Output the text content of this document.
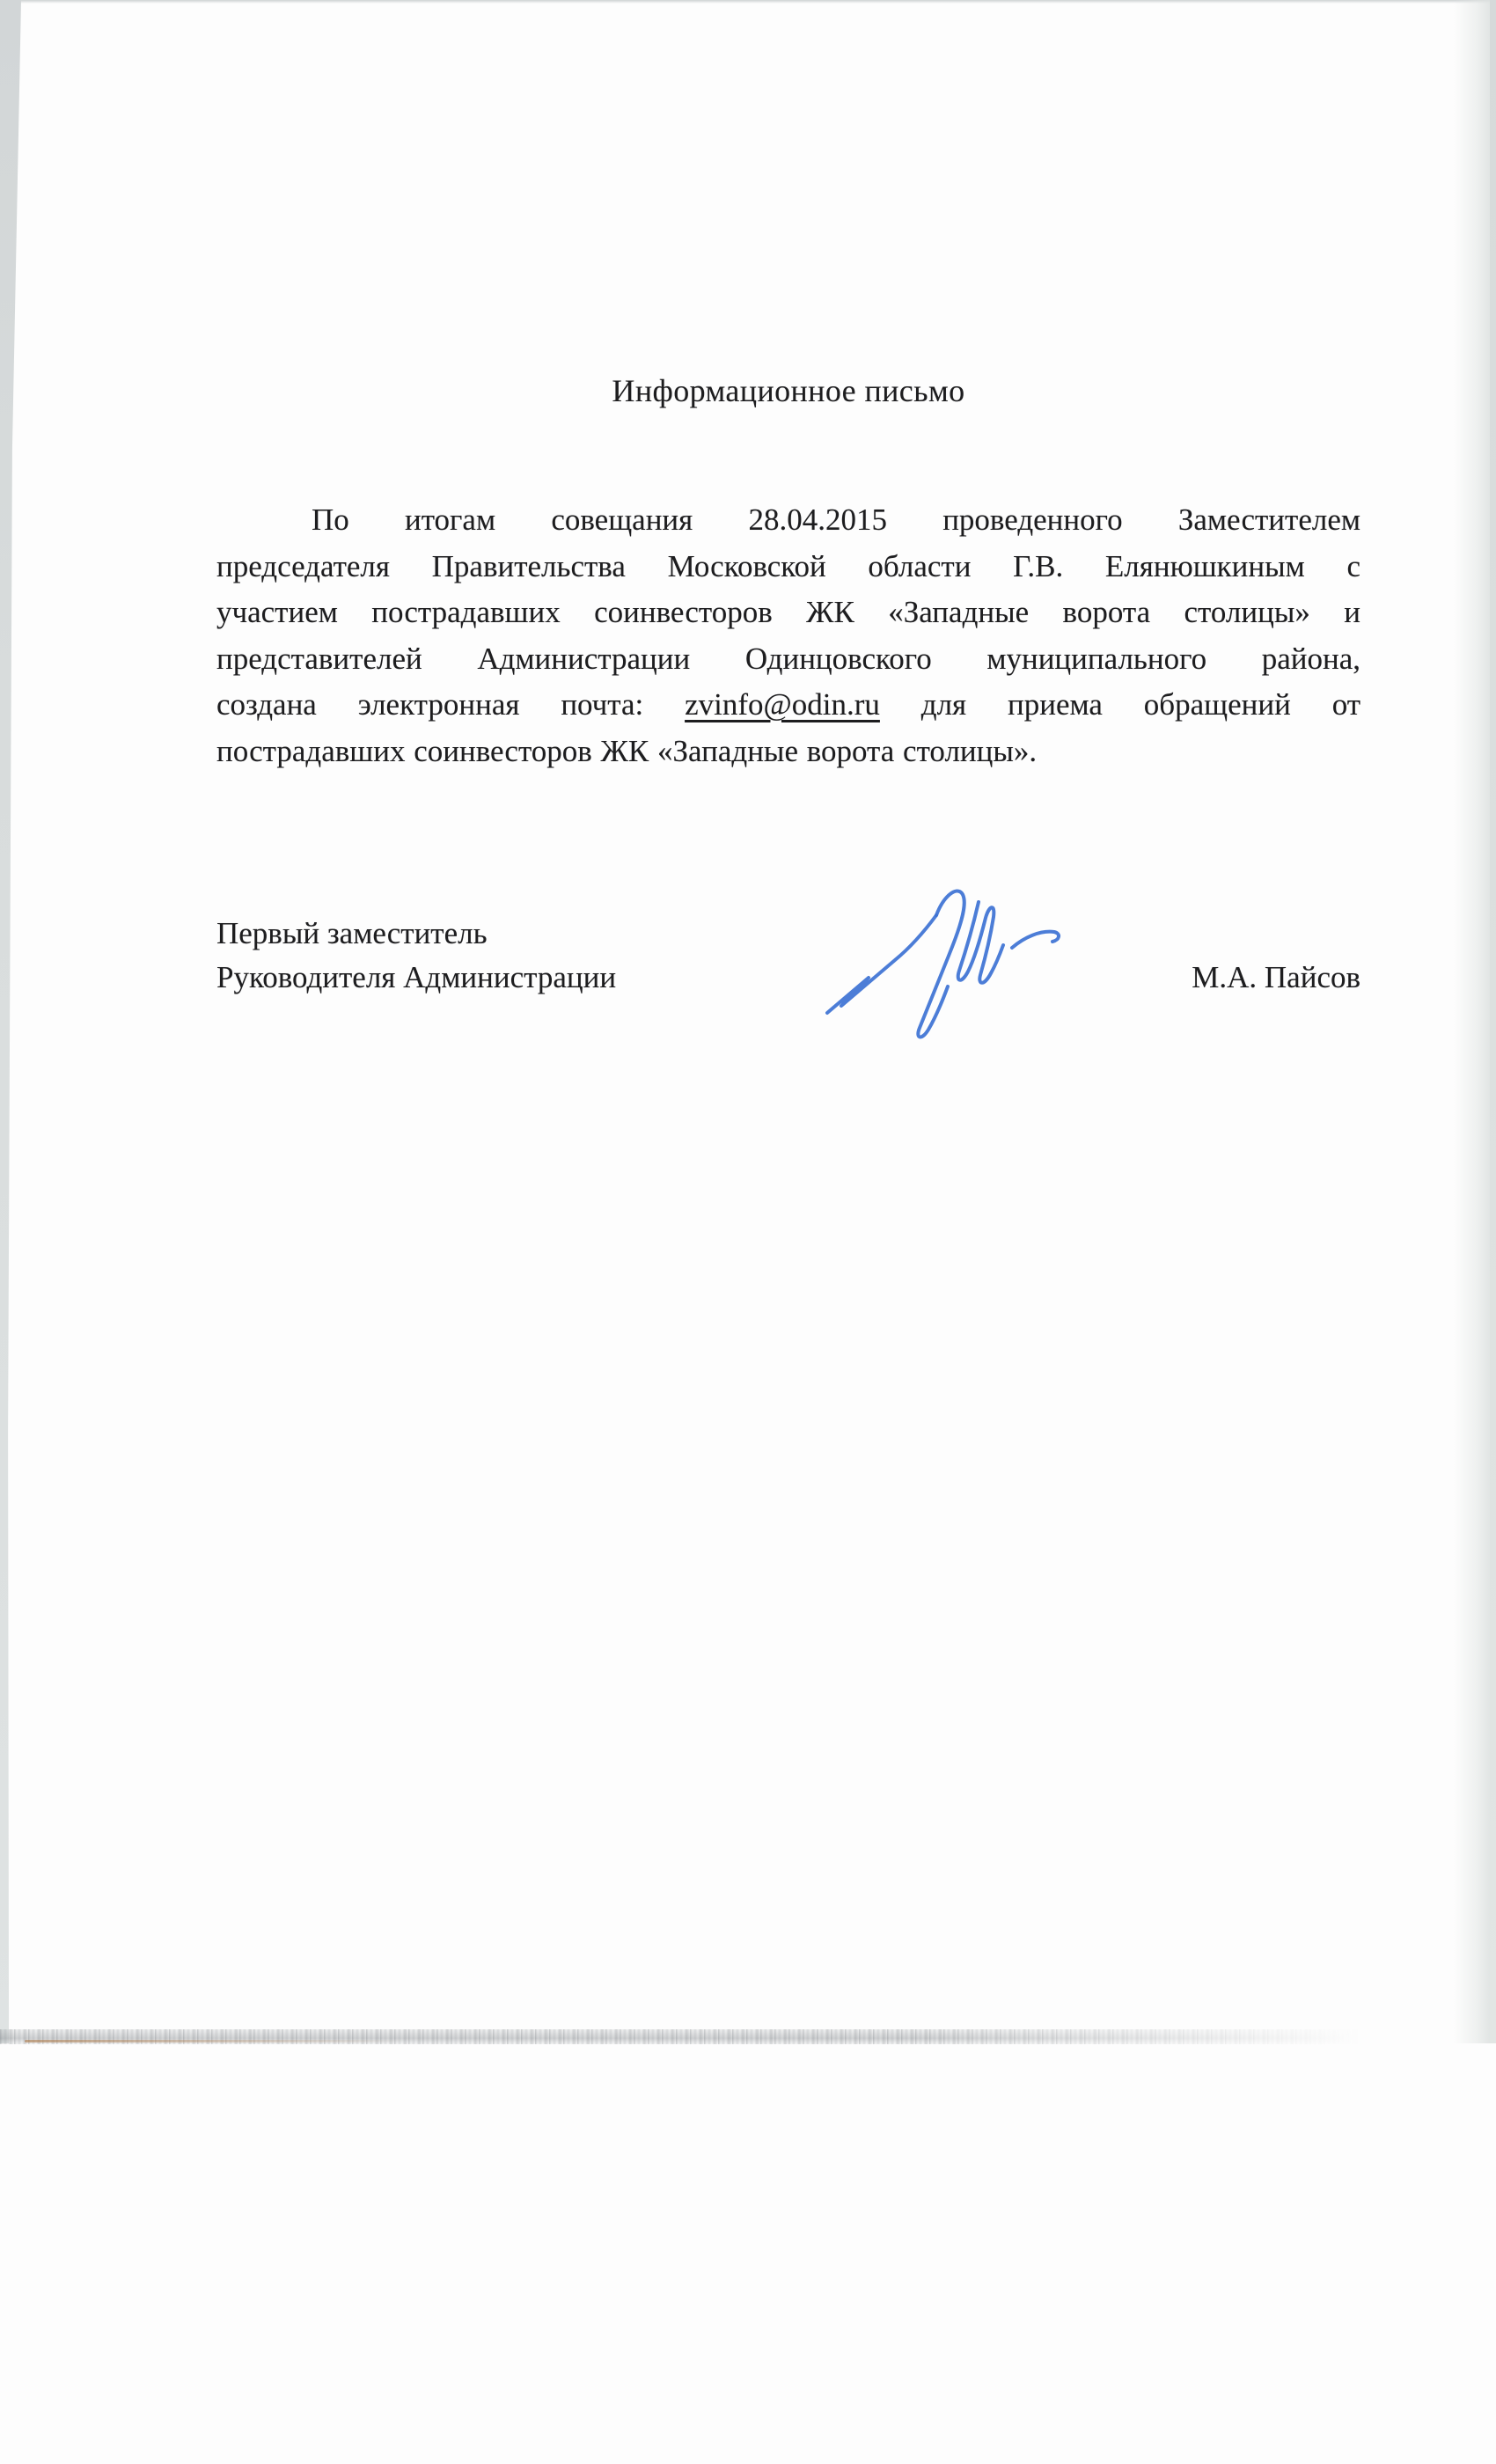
Информационное письмо
По итогам совещания 28.04.2015 проведенного Заместителем
председателя Правительства Московской области Г.В. Елянюшкиным с
участием пострадавших соинвесторов ЖК «Западные ворота столицы» и
представителей Администрации Одинцовского муниципального района,
создана электронная почта: zvinfo@odin.ru для приема обращений от
пострадавших соинвесторов ЖК «Западные ворота столицы».
Первый заместитель
Руководителя Администрации	М.А. Пайсов
